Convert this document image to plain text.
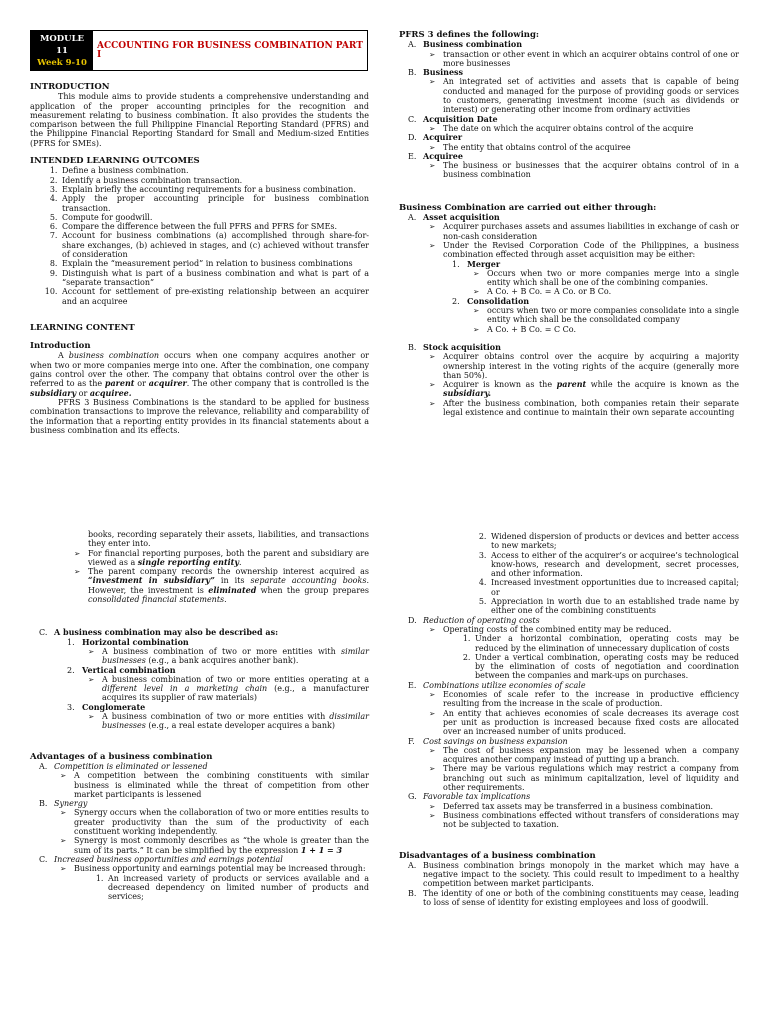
MODULE
11
Week 9-10
ACCOUNTING FOR BUSINESS COMBINATION PART I
INTRODUCTION

This module aims to provide students a comprehensive understanding and application of the proper accounting principles for the recognition and measurement relating to business combination. It also provides the students the comparison between the full Philippine Financial Reporting Standard (PFRS) and the Philippine Financial Reporting Standard for Small and Medium-sized Entities (PFRS for SMEs).

INTENDED LEARNING OUTCOMES
1. Define a business combination.
2. Identify a business combination transaction.
3. Explain briefly the accounting requirements for a business combination.
4. Apply the proper accounting principle for business combination transaction.
5. Compute for goodwill.
6. Compare the difference between the full PFRS and PFRS for SMEs.
7. Account for business combinations (a) accomplished through share-for-share exchanges, (b) achieved in stages, and (c) achieved without transfer of consideration
8. Explain the “measurement period” in relation to business combinations
9. Distinguish what is part of a business combination and what is part of a “separate transaction”
10. Account for settlement of pre-existing relationship between an acquirer and an acquiree
LEARNING CONTENT
Introduction

A business combination occurs when one company acquires another or when two or more companies merge into one. After the combination, one company gains control over the other. The company that obtains control over the other is referred to as the parent or acquirer. The other company that is controlled is the subsidiary or acquiree.

PFRS 3 Business Combinations is the standard to be applied for business combination transactions to improve the relevance, reliability and comparability of the information that a reporting entity provides in its financial statements about a business combination and its effects.

PFRS 3 defines the following:
A. Business combination
➢ transaction or other event in which an acquirer obtains control of one or more businesses
B. Business
➢ An integrated set of activities and assets that is capable of being conducted and managed for the purpose of providing goods or services to customers, generating investment income (such as dividends or interest) or generating other income from ordinary activities
C. Acquisition Date
➢ The date on which the acquirer obtains control of the acquire
D. Acquirer
➢ The entity that obtains control of the acquiree
E. Acquiree
➢ The business or businesses that the acquirer obtains control of in a business combination
Business Combination are carried out either through:
A. Asset acquisition
➢ Acquirer purchases assets and assumes liabilities in exchange of cash or non-cash consideration
➢ Under the Revised Corporation Code of the Philippines, a business combination effected through asset acquisition may be either:
1. Merger
➢ Occurs when two or more companies merge into a single entity which shall be one of the combining companies.
➢ A Co. + B Co. = A Co. or B Co.
2. Consolidation
➢ occurs when two or more companies consolidate into a single entity which shall be the consolidated company
➢ A Co. + B Co. = C Co.
B. Stock acquisition
➢ Acquirer obtains control over the acquire by acquiring a majority ownership interest in the voting rights of the acquire (generally more than 50%).
➢ Acquirer is known as the parent while the acquire is known as the subsidiary.
➢ After the business combination, both companies retain their separate legal existence and continue to maintain their own separate accounting
books, recording separately their assets, liabilities, and transactions they enter into.
➢ For financial reporting purposes, both the parent and subsidiary are viewed as a single reporting entity.
➢ The parent company records the ownership interest acquired as “investment in subsidiary” in its separate accounting books. However, the investment is eliminated when the group prepares consolidated financial statements.
C. A business combination may also be described as:
1. Horizontal combination
➢ A business combination of two or more entities with similar businesses (e.g., a bank acquires another bank).
2. Vertical combination
➢ A business combination of two or more entities operating at a different level in a marketing chain (e.g., a manufacturer acquires its supplier of raw materials)
3. Conglomerate
➢ A business combination of two or more entities with dissimilar businesses (e.g., a real estate developer acquires a bank)
Advantages of a business combination
A. Competition is eliminated or lessened
➢ A competition between the combining constituents with similar business is eliminated while the threat of competition from other market participants is lessened
B. Synergy
➢ Synergy occurs when the collaboration of two or more entities results to greater productivity than the sum of the productivity of each constituent working independently.
➢ Synergy is most commonly describes as “the whole is greater than the sum of its parts.” It can be simplified by the expression 1 + 1 = 3
C. Increased business opportunities and earnings potential
➢ Business opportunity and earnings potential may be increased through:
1. An increased variety of products or services available and a decreased dependency on limited number of products and services;
2. Widened dispersion of products or devices and better access to new markets;
3. Access to either of the acquirer’s or acquiree’s technological know-hows, research and development, secret processes, and other information.
4. Increased investment opportunities due to increased capital; or
5. Appreciation in worth due to an established trade name by either one of the combining constituents
D. Reduction of operating costs
➢ Operating costs of the combined entity may be reduced.
1. Under a horizontal combination, operating costs may be reduced by the elimination of unnecessary duplication of costs
2. Under a vertical combination, operating costs may be reduced by the elimination of costs of negotiation and coordination between the companies and mark-ups on purchases.
E. Combinations utilize economies of scale
➢ Economies of scale refer to the increase in productive efficiency resulting from the increase in the scale of production.
➢ An entity that achieves economies of scale decreases its average cost per unit as production is increased because fixed costs are allocated over an increased number of units produced.
F. Cost savings on business expansion
➢ The cost of business expansion may be lessened when a company acquires another company instead of putting up a branch.
➢ There may be various regulations which may restrict a company from branching out such as minimum capitalization, level of liquidity and other requirements.
G. Favorable tax implications
➢ Deferred tax assets may be transferred in a business combination.
➢ Business combinations effected without transfers of considerations may not be subjected to taxation.
Disadvantages of a business combination
A. Business combination brings monopoly in the market which may have a negative impact to the society. This could result to impediment to a healthy competition between market participants.
B. The identity of one or both of the combining constituents may cease, leading to loss of sense of identity for existing employees and loss of goodwill.
